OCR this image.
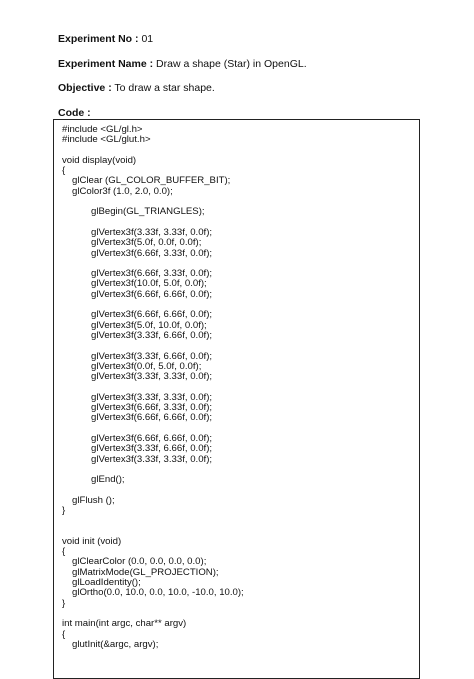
Experiment No : 01
Experiment Name : Draw a shape (Star) in OpenGL.
Objective : To draw a star shape.
Code :
#include <GL/gl.h>
#include <GL/glut.h>
void display(void)
{
glClear (GL_COLOR_BUFFER_BIT);
glColor3f (1.0, 2.0, 0.0);
glBegin(GL_TRIANGLES);
glVertex3f(3.33f, 3.33f, 0.0f);
glVertex3f(5.0f, 0.0f, 0.0f);
glVertex3f(6.66f, 3.33f, 0.0f);
glVertex3f(6.66f, 3.33f, 0.0f);
glVertex3f(10.0f, 5.0f, 0.0f);
glVertex3f(6.66f, 6.66f, 0.0f);
glVertex3f(6.66f, 6.66f, 0.0f);
glVertex3f(5.0f, 10.0f, 0.0f);
glVertex3f(3.33f, 6.66f, 0.0f);
glVertex3f(3.33f, 6.66f, 0.0f);
glVertex3f(0.0f, 5.0f, 0.0f);
glVertex3f(3.33f, 3.33f, 0.0f);
glVertex3f(3.33f, 3.33f, 0.0f);
glVertex3f(6.66f, 3.33f, 0.0f);
glVertex3f(6.66f, 6.66f, 0.0f);
glVertex3f(6.66f, 6.66f, 0.0f);
glVertex3f(3.33f, 6.66f, 0.0f);
glVertex3f(3.33f, 3.33f, 0.0f);
glEnd();
glFlush ();
}
void init (void)
{
glClearColor (0.0, 0.0, 0.0, 0.0);
glMatrixMode(GL_PROJECTION);
glLoadIdentity();
glOrtho(0.0, 10.0, 0.0, 10.0, -10.0, 10.0);
}
int main(int argc, char** argv)
{
glutInit(&argc, argv);
